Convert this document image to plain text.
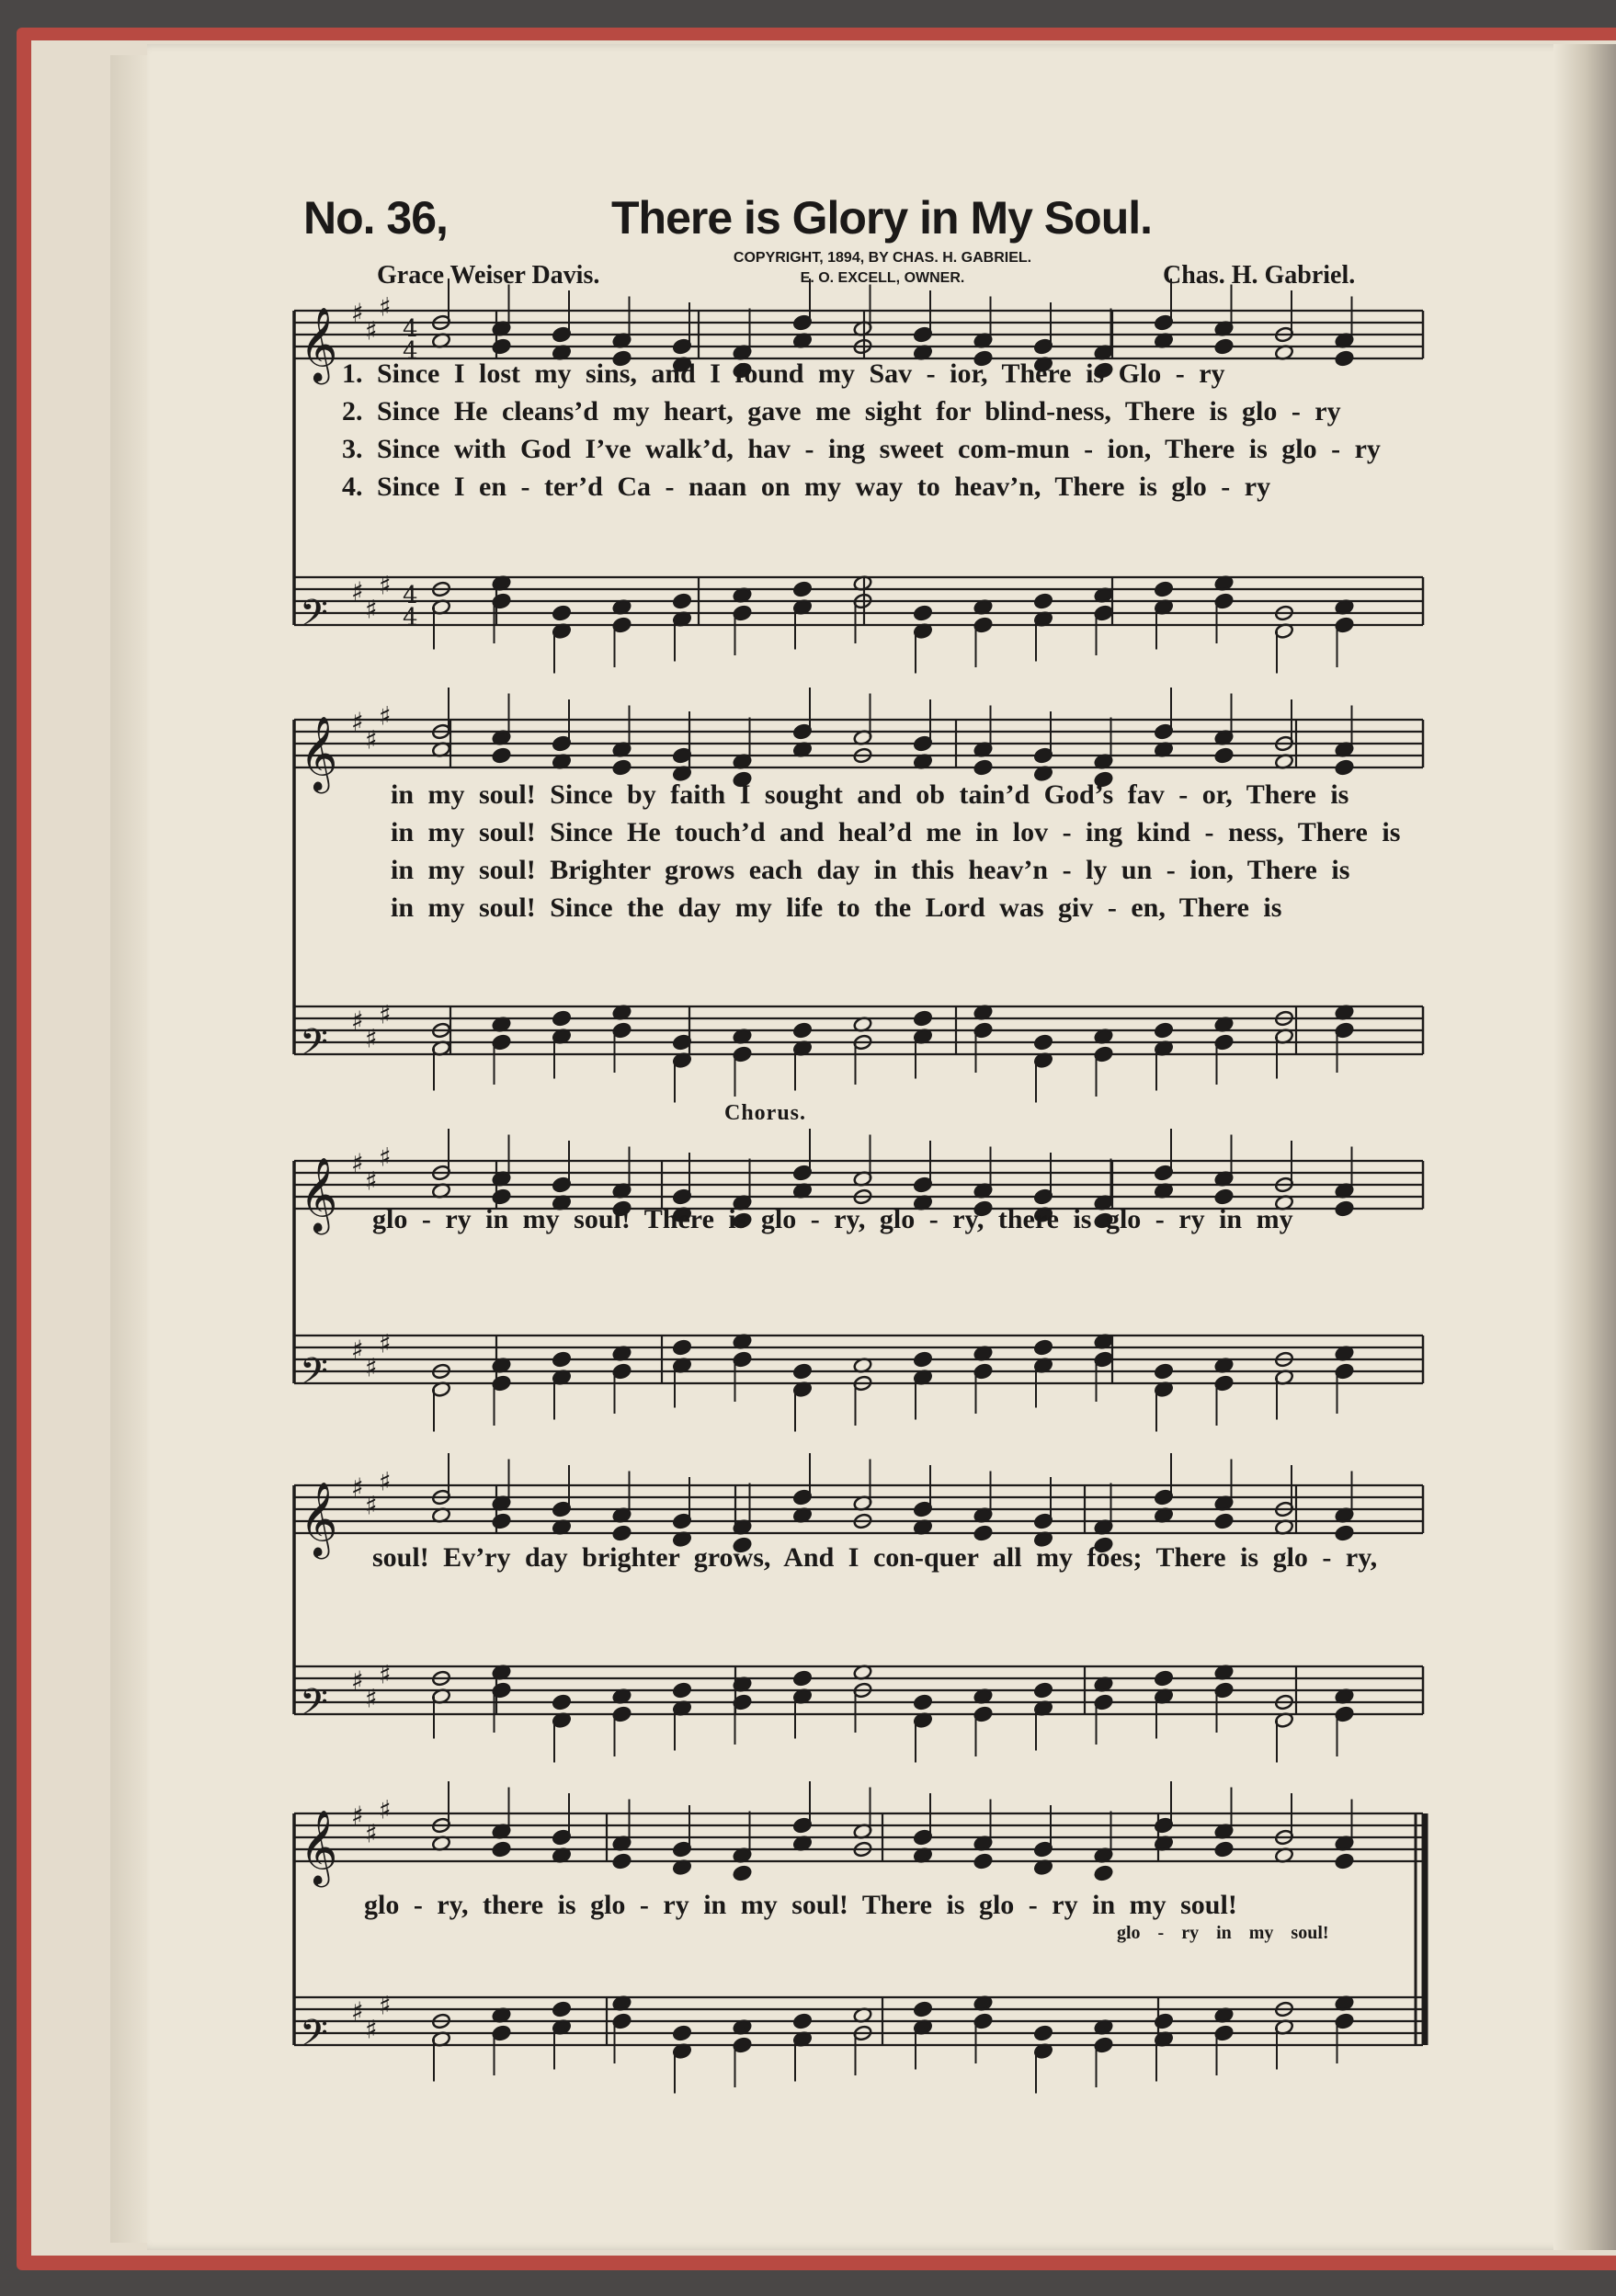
No. 36,	There is Glory in My Soul.
COPYRIGHT, 1894, BY CHAS. H. GABRIEL.
E. O. EXCELL, OWNER.
Grace Weiser Davis.	Chas. H. Gabriel.
𝄞 ♯
♯
♯
𝄢
♯
♯
♯
𝄞 ♯
♯
♯
𝄢
♯
♯
♯
𝄞 ♯
♯
♯
𝄢
♯
♯
♯
𝄞 ♯
♯
♯
𝄢
♯
♯
♯
𝄞 ♯
♯
♯
𝄢
♯
♯
♯
4
4
4
4
1. Since I lost my sins, and I found my Sav - ior, There is Glo - ry
2. Since He cleans’d my heart, gave me sight for blind-ness, There is glo - ry
3. Since with God I’ve walk’d, hav - ing sweet com-mun - ion, There is glo - ry
4. Since I en - ter’d Ca - naan on my way to heav’n, There is glo - ry
in my soul! Since by faith I sought and ob tain’d God’s fav - or, There is
in my soul! Since He touch’d and heal’d me in lov - ing kind - ness, There is
in my soul! Brighter grows each day in this heav’n - ly un - ion, There is
in my soul! Since the day my life to the Lord was giv - en, There is
Chorus.
glo - ry in my soul! There is glo - ry, glo - ry, there is glo - ry in my
soul! Ev’ry day brighter grows, And I con-quer all my foes; There is glo - ry,
glo - ry, there is glo - ry in my soul! There is glo - ry in my soul!
glo - ry in my soul!
